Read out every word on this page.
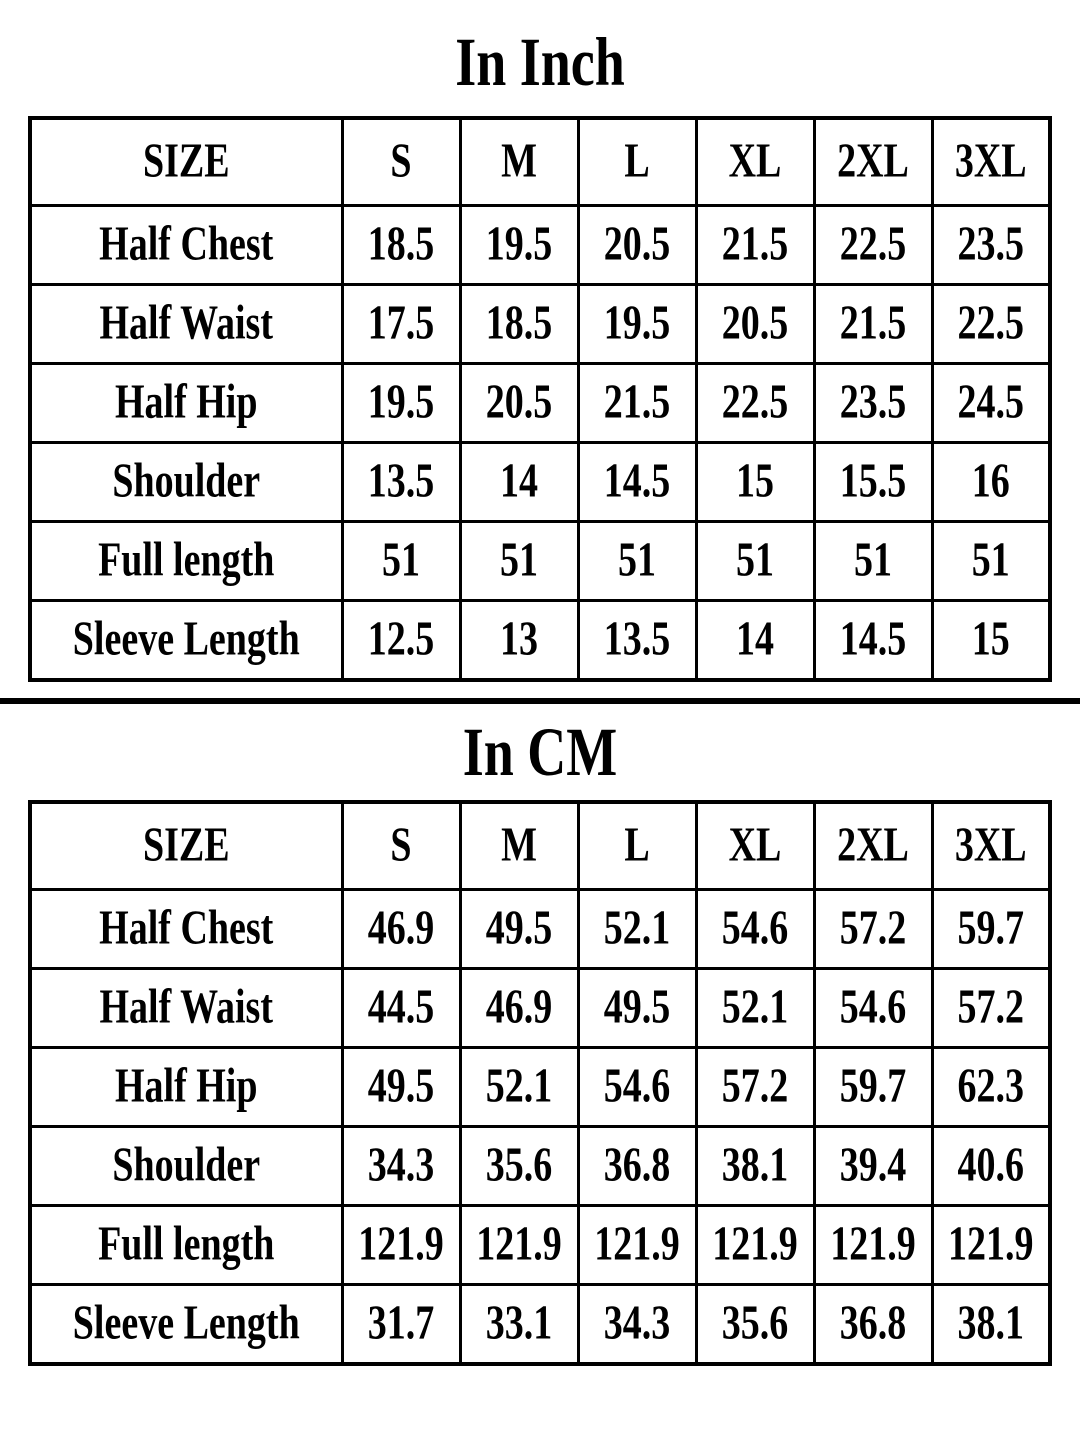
In Inch
SIZE	S	M	L	XL	2XL	3XL
Half Chest	18.5	19.5	20.5	21.5	22.5	23.5
Half Waist	17.5	18.5	19.5	20.5	21.5	22.5
Half Hip	19.5	20.5	21.5	22.5	23.5	24.5
Shoulder	13.5	14	14.5	15	15.5	16
Full length	51	51	51	51	51	51
Sleeve Length	12.5	13	13.5	14	14.5	15
In CM
SIZE	S	M	L	XL	2XL	3XL
Half Chest	46.9	49.5	52.1	54.6	57.2	59.7
Half Waist	44.5	46.9	49.5	52.1	54.6	57.2
Half Hip	49.5	52.1	54.6	57.2	59.7	62.3
Shoulder	34.3	35.6	36.8	38.1	39.4	40.6
Full length	121.9	121.9	121.9	121.9	121.9	121.9
Sleeve Length	31.7	33.1	34.3	35.6	36.8	38.1
